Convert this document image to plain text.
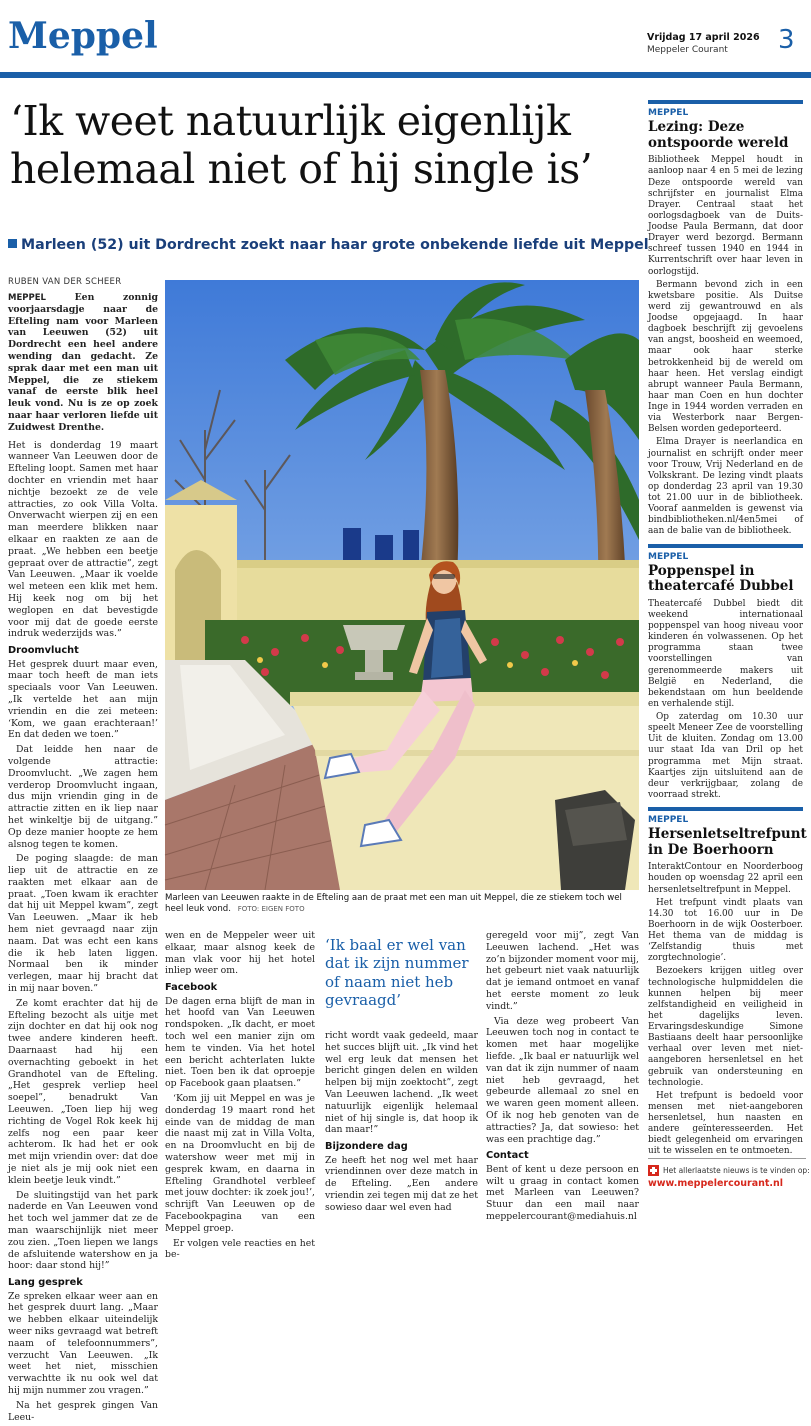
Meppel	Vrijdag 17 april 2026
Meppeler Courant 3
‘Ik weet natuurlijk eigenlijk
helemaal niet of hij single is’
Marleen (52) uit Dordrecht zoekt naar haar grote onbekende liefde uit Meppel
RUBEN VAN DER SCHEER

MEPPEL	Een zonnig voorjaarsdagje naar de Efteling nam voor Marleen van Leeuwen (52) uit Dordrecht een heel andere wending dan gedacht. Ze sprak daar met een man uit Meppel, die ze stiekem vanaf de eerste blik heel leuk vond. Nu is ze op zoek naar haar verloren liefde uit Zuidwest Drenthe.

Het is donderdag 19 maart wanneer Van Leeuwen door de Efteling loopt. Samen met haar dochter en vriendin met haar nichtje bezoekt ze de vele attracties, zo ook Villa Volta. Onverwacht wierpen zij en een man meerdere blikken naar elkaar en raakten ze aan de praat. „We hebben een beetje gepraat over de attractie”, zegt Van Leeuwen. „Maar ik voelde wel meteen een klik met hem. Hij keek nog om bij het weglopen en dat bevestigde voor mij dat de goede eerste indruk wederzijds was.”

Droomvlucht

Het gesprek duurt maar even, maar toch heeft de man iets speciaals voor Van Leeuwen. „Ik vertelde het aan mijn vriendin en die zei meteen: ‘Kom, we gaan erachteraan!’ En dat deden we toen.”

Dat leidde hen naar de volgende attractie: Droomvlucht. „We zagen hem verderop Droomvlucht ingaan, dus mijn vriendin ging in de attractie zitten en ik liep naar het winkeltje bij de uitgang.” Op deze manier hoopte ze hem alsnog tegen te komen.

De poging slaagde: de man liep uit de attractie en ze raakten met elkaar aan de praat. „Toen kwam ik erachter dat hij uit Meppel kwam”, zegt Van Leeuwen. „Maar ik heb hem niet gevraagd naar zijn naam. Dat was echt een kans die ik heb laten liggen. Normaal ben ik minder verlegen, maar hij bracht dat in mij naar boven.”

Ze komt erachter dat hij de Efteling bezocht als uitje met zijn dochter en dat hij ook nog twee andere kinderen heeft. Daarnaast had hij een overnachting geboekt in het Grandhotel van de Efteling. „Het gesprek verliep heel soepel”, benadrukt Van Leeuwen. „Toen liep hij weg richting de Vogel Rok keek hij zelfs nog een paar keer achterom. Ik had het er ook met mijn vriendin over: dat doe je niet als je mij ook niet een klein beetje leuk vindt.”

De sluitingstijd van het park naderde en Van Leeuwen vond het toch wel jammer dat ze de man waarschijnlijk niet meer zou zien. „Toen liepen we langs de afsluitende watershow en ja hoor: daar stond hij!”

Lang gesprek

Ze spreken elkaar weer aan en het gesprek duurt lang. „Maar we hebben elkaar uiteindelijk weer niks gevraagd wat betreft naam of telefoonnummers”, verzucht Van Leeuwen. „Ik weet het niet, misschien verwachtte ik nu ook wel dat hij mijn nummer zou vragen.”

Na het gesprek gingen Van Leeu-

Marleen van Leeuwen raakte in de Efteling aan de praat met een man uit Meppel, die ze stiekem toch wel heel leuk vond. FOTO: EIGEN FOTO

wen en de Meppeler weer uit elkaar, maar alsnog keek de man vlak voor hij het hotel inliep weer om.

Facebook

De dagen erna blijft de man in het hoofd van Van Leeuwen rondspoken. „Ik dacht, er moet toch wel een manier zijn om hem te vinden. Via het hotel een bericht achterlaten lukte niet. Toen ben ik dat oproepje op Facebook gaan plaatsen.”

‘Kom jij uit Meppel en was je donderdag 19 maart rond het einde van de middag de man die naast mij zat in Villa Volta, en na Droomvlucht en bij de watershow weer met mij in gesprek kwam, en daarna in Efteling Grandhotel verbleef met jouw dochter: ik zoek jou!’, schrijft Van Leeuwen op de Facebookpagina van een Meppel groep.

Er volgen vele reacties en het be-

‘Ik baal er wel van dat ik zijn nummer of naam niet heb gevraagd’

richt wordt vaak gedeeld, maar het succes blijft uit. „Ik vind het wel erg leuk dat mensen het bericht gingen delen en wilden helpen bij mijn zoektocht”, zegt Van Leeuwen lachend. „Ik weet natuurlijk eigenlijk helemaal niet of hij single is, dat hoop ik dan maar!”

Bijzondere dag

Ze heeft het nog wel met haar vriendinnen over deze match in de Efteling. „Een andere vriendin zei tegen mij dat ze het sowieso daar wel even had

geregeld voor mij”, zegt Van Leeuwen lachend. „Het was zo’n bijzonder moment voor mij, het gebeurt niet vaak natuurlijk dat je iemand ontmoet en vanaf het eerste moment zo leuk vindt.”

Via deze weg probeert Van Leeuwen toch nog in contact te komen met haar mogelijke liefde. „Ik baal er natuurlijk wel van dat ik zijn nummer of naam niet heb gevraagd, het gebeurde allemaal zo snel en we waren geen moment alleen. Of ik nog heb genoten van de attracties? Ja, dat sowieso: het was een prachtige dag.”

Contact

Bent of kent u deze persoon en wilt u graag in contact komen met Marleen van Leeuwen? Stuur dan een mail naar meppelercourant@mediahuis.nl

MEPPEL
Lezing: Deze ontspoorde wereld

Bibliotheek Meppel houdt in aanloop naar 4 en 5 mei de lezing Deze ontspoorde wereld van schrijfster en journalist Elma Drayer. Centraal staat het oorlogsdagboek van de Duits-Joodse Paula Bermann, dat door Drayer werd bezorgd. Bermann schreef tussen 1940 en 1944 in Kurrentschrift over haar leven in oorlogstijd.

Bermann bevond zich in een kwetsbare positie. Als Duitse werd zij gewantrouwd en als Joodse opgejaagd. In haar dagboek beschrijft zij gevoelens van angst, boosheid en weemoed, maar ook haar sterke betrokkenheid bij de wereld om haar heen. Het verslag eindigt abrupt wanneer Paula Bermann, haar man Coen en hun dochter Inge in 1944 worden verraden en via Westerbork naar Bergen-Belsen worden gedeporteerd.

Elma Drayer is neerlandica en journalist en schrijft onder meer voor Trouw, Vrij Nederland en de Volkskrant. De lezing vindt plaats op donderdag 23 april van 19.30 tot 21.00 uur in de bibliotheek. Vooraf aanmelden is gewenst via bindbibliotheken.nl/4en5mei of aan de balie van de bibliotheek.

MEPPEL
Poppenspel in theatercafé Dubbel

Theatercafé Dubbel biedt dit weekend internationaal poppenspel van hoog niveau voor kinderen én volwassenen. Op het programma staan twee voorstellingen van gerenommeerde makers uit België en Nederland, die bekendstaan om hun beeldende en verhalende stijl.

Op zaterdag om 10.30 uur speelt Meneer Zee de voorstelling Uit de kluiten. Zondag om 13.00 uur staat Ida van Dril op het programma met Mijn straat. Kaartjes zijn uitsluitend aan de deur verkrijgbaar, zolang de voorraad strekt.

MEPPEL
Hersenletseltrefpunt in De Boerhoorn

InteraktContour en Noorderboog houden op woensdag 22 april een hersenletseltrefpunt in Meppel.

Het trefpunt vindt plaats van 14.30 tot 16.00 uur in De Boerhoorn in de wijk Oosterboer. Het thema van de middag is ‘Zelfstandig thuis met zorgtechnologie’.

Bezoekers krijgen uitleg over technologische hulpmiddelen die kunnen helpen bij meer zelfstandigheid en veiligheid in het dagelijks leven. Ervaringsdeskundige Simone Bastiaans deelt haar persoonlijke verhaal over leven met niet-aangeboren hersenletsel en het gebruik van ondersteuning en technologie.

Het trefpunt is bedoeld voor mensen met niet-aangeboren hersenletsel, hun naasten en andere geïnteresseerden. Het biedt gelegenheid om ervaringen uit te wisselen en te ontmoeten.

Het allerlaatste nieuws is te vinden op:
www.meppelercourant.nl
